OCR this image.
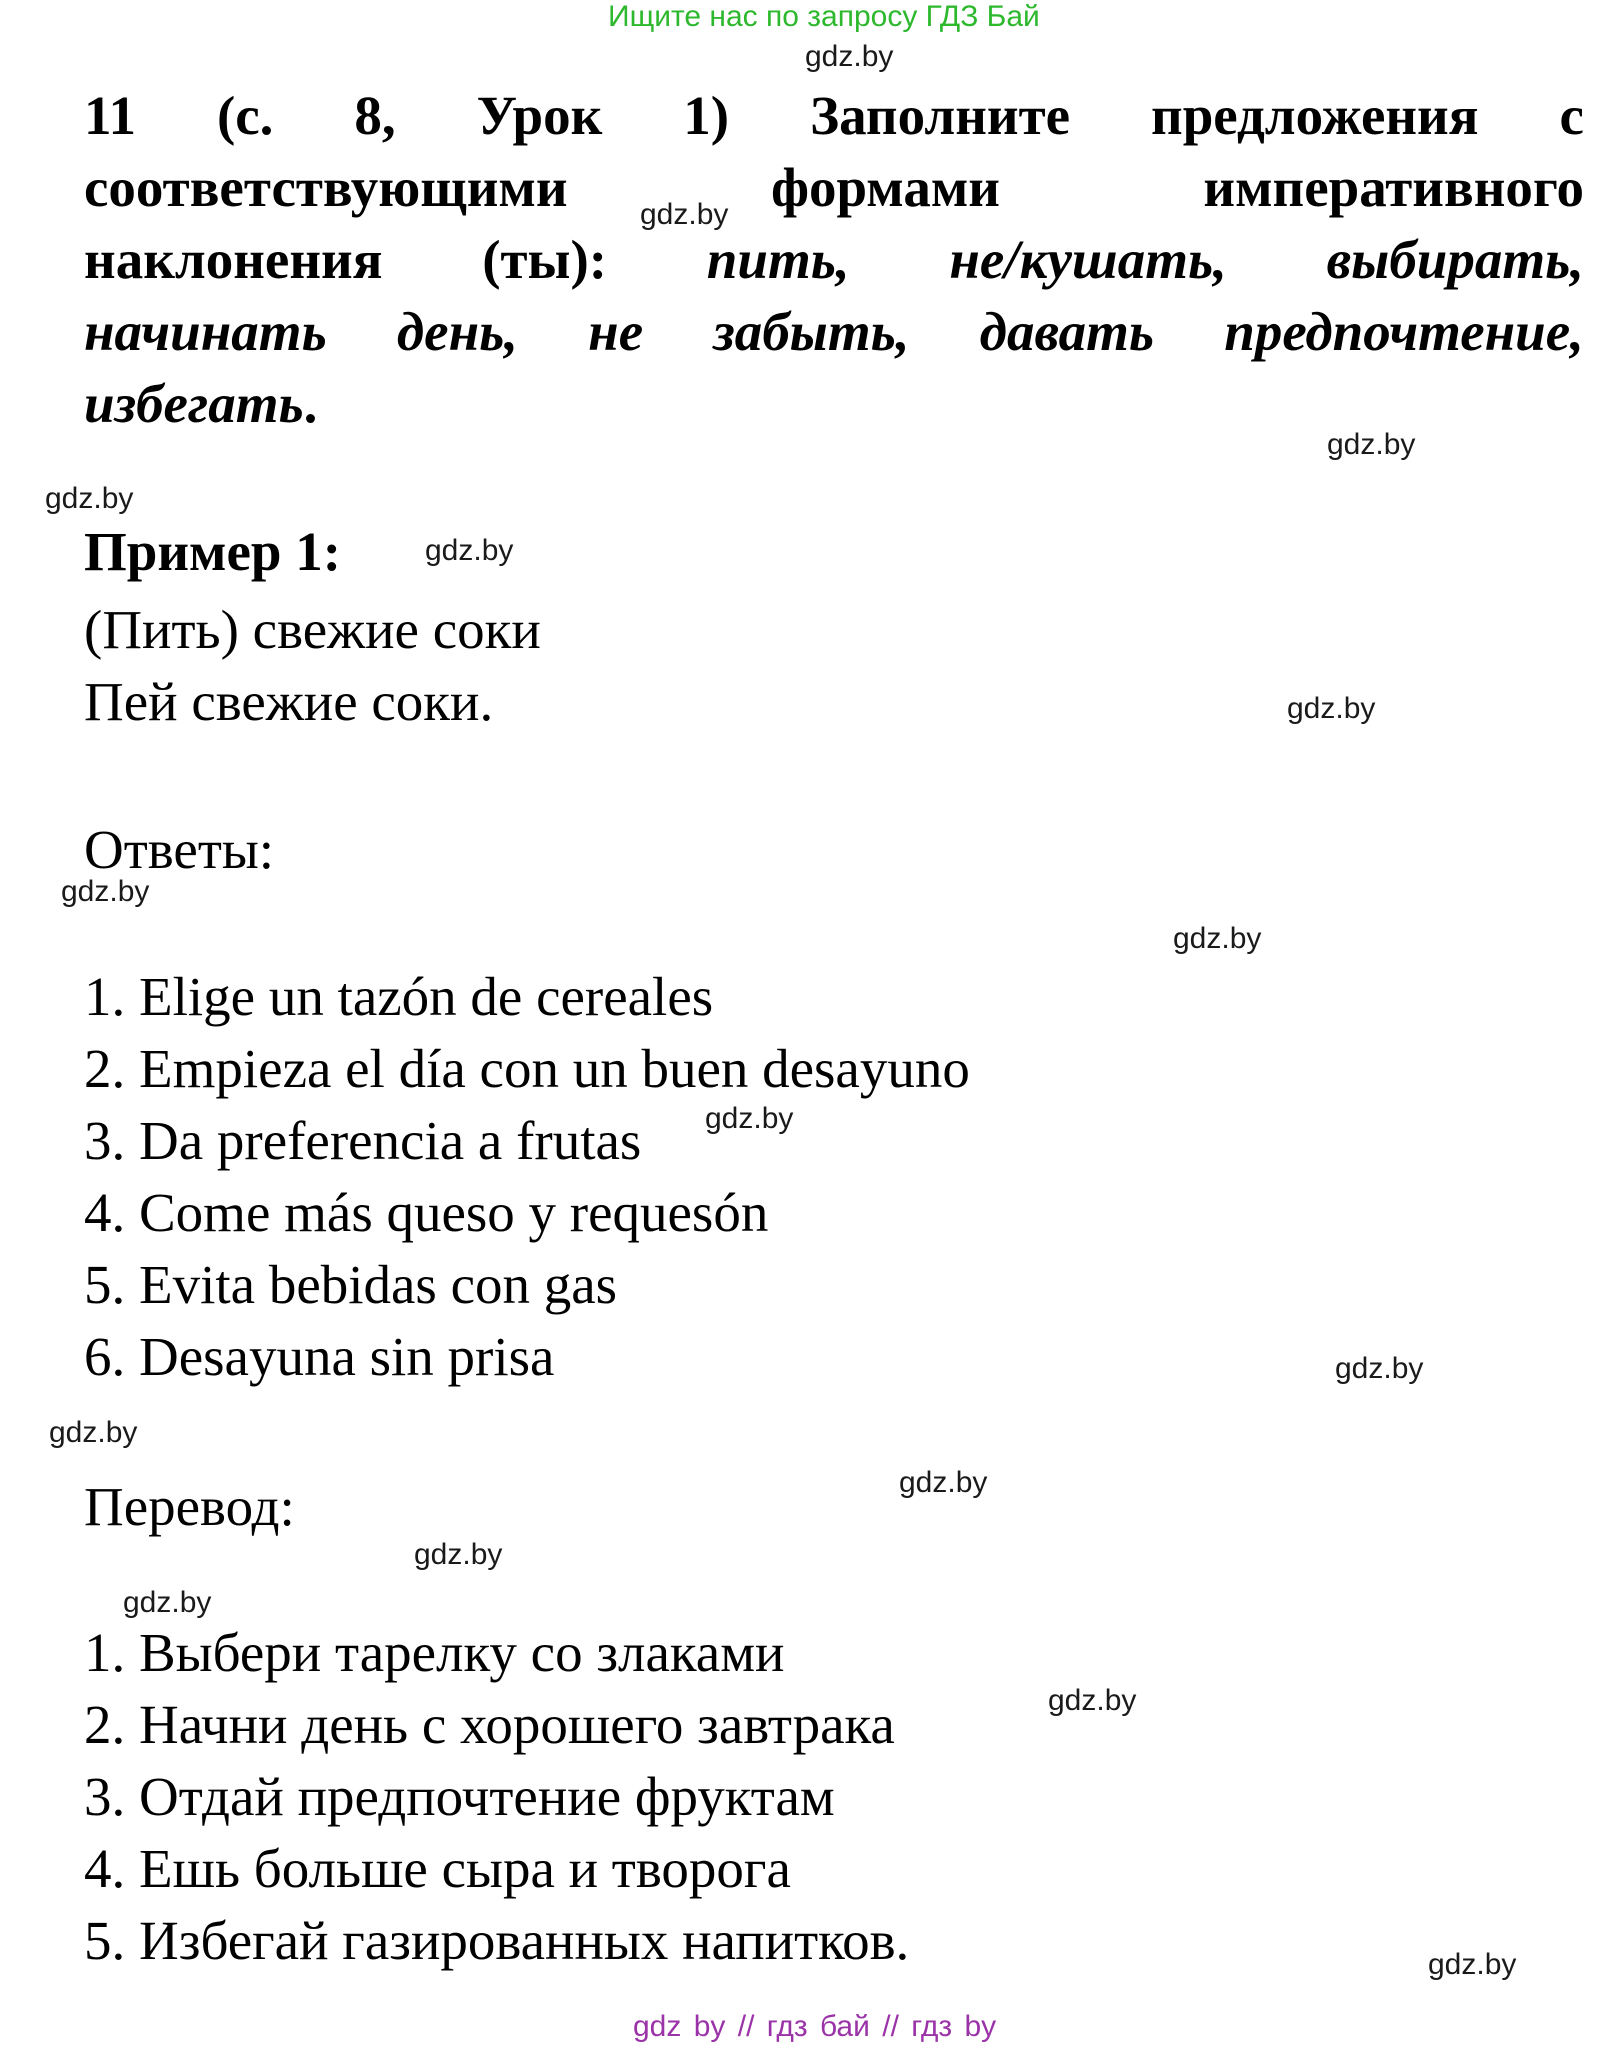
Ищите нас по запросу ГДЗ Бай
11 (с. 8, Урок 1) Заполните предложения с
соответствующими	формами	императивного
наклонения (ты): пить, не/кушать, выбирать,
начинать день, не забыть, давать предпочтение,
избегать .
Пример 1:
(Пить) свежие соки
Пей свежие соки.
Ответы:
1. Elige un tazón de cereales
2. Empieza el día con un buen desayuno
3. Da preferencia a frutas
4. Come más queso y requesón
5. Evita bebidas con gas
6. Desayuna sin prisa
Перевод:
1. Выбери тарелку со злаками
2. Начни день с хорошего завтрака
3. Отдай предпочтение фруктам
4. Ешь больше сыра и творога
5. Избегай газированных напитков.
gdz.by
gdz.by
gdz.by
gdz.by
gdz.by
gdz.by
gdz.by
gdz.by
gdz.by
gdz.by
gdz.by
gdz.by
gdz.by
gdz.by
gdz.by
gdz.by
gdz by // гдз бай // гдз by
